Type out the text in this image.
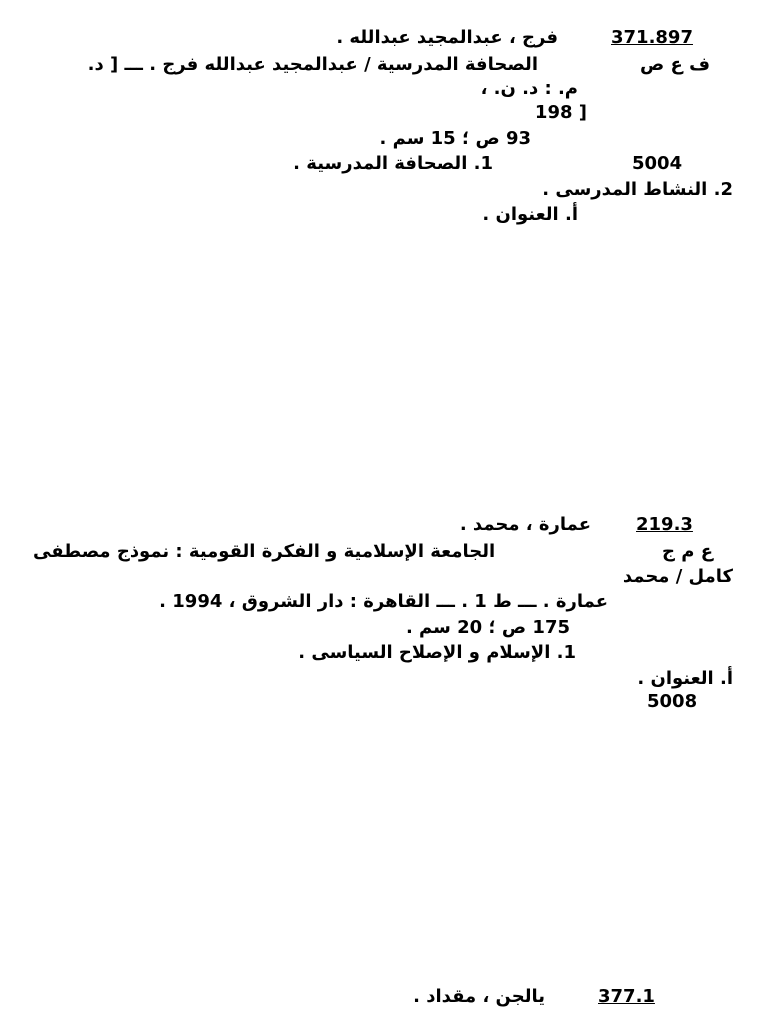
371.897
فرج ، عبدالمجيد عبدالله .
ف ع ص
الصحافة المدرسية / عبدالمجيد عبدالله فرج . ـــ [ د.
م. : د. ن. ،
198 ]
93 ص ؛ 15 سم .
5004
1. الصحافة المدرسية .
2. النشاط المدرسى .
أ. العنوان .
219.3
عمارة ، محمد .
ع م ج
الجامعة الإسلامية و الفكرة القومية : نموذج مصطفى
كامل / محمد
عمارة . ـــ ط 1 . ـــ القاهرة : دار الشروق ، 1994 .
175 ص ؛ 20 سم .
1. الإسلام و الإصلاح السياسى .
أ. العنوان .
5008
377.1
يالجن ، مقداد .
